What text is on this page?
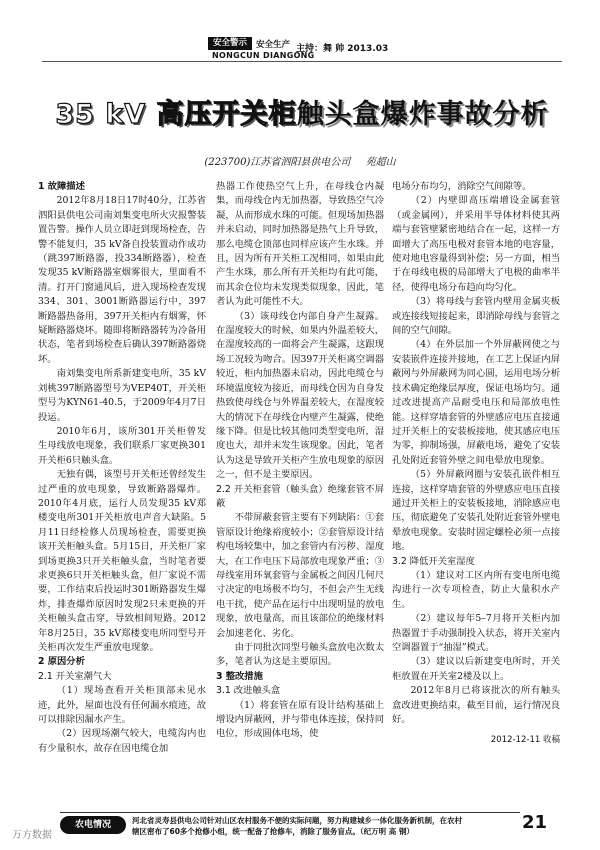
安全警示	安全生产
NONGCUN DIANGONG
主持：舞 帅 2013.03
35 kV 高压开关柜触头盒爆炸事故分析
(223700)江苏省泗阳县供电公司 苑超山

1 故障描述

2012年8月18日17时40分，江苏省泗阳县供电公司南刘集变电所火灾报警装置告警。操作人员立即赶到现场检查，告警不能复归，35 kV备自投装置动作成功（跳397断路器，投334断路器），检查发现35 kV断路器室烟雾很大，里面看不清。打开门窗通风后，进入现场检查发现334、301、3001断路器运行中，397断路器热备用，397开关柜内有烟雾，怀疑断路器烧坏。随即将断路器转为冷备用状态，笔者到场检查后确认397断路器烧坏。

南刘集变电所系新建变电所，35 kV刘桃397断路器型号为VEP40T，开关柜型号为KYN61-40.5，于2009年4月7日投运。

2010年6月，该所301开关柜曾发生母线放电现象，我们联系厂家更换301开关柜6只触头盒。

无独有偶，该型号开关柜还曾经发生过严重的放电现象，导致断路器爆炸。2010年4月底，运行人员发现35 kV郑楼变电所301开关柜放电声音大缺陷。5月11日经检修人员现场检查，需要更换该开关柜触头盒。5月15日，开关柜厂家到场更换3只开关柜触头盒，当时笔者要求更换6只开关柜触头盒，但厂家说不需要，工作结束后投运时301断路器发生爆炸，排查爆炸原因时发现2只未更换的开关柜触头盒击穿，导致相间短路。2012年8月25日，35 kV郑楼变电所同型号开关柜再次发生严重放电现象。

2 原因分析

2.1 开关室潮气大

（1）现场查看开关柜顶部未见水迹，此外，屋面也没有任何漏水痕迹，故可以排除因漏水产生。

（2）因现场潮气较大，电缆沟内也有少量积水，故存在因电缆仓加

热器工作使热空气上升，在母线仓内凝集，而母线仓内无加热器，导致热空气冷凝，从而形成水珠的可能。但现场加热器并未启动，同时加热器是热气上升导致，那么电缆仓顶部也同样应该产生水珠。并且，因为所有开关柜工况相同，如果由此产生水珠，那么所有开关柜均有此可能，而其余仓位均未发现类似现象，因此，笔者认为此可能性不大。

（3）该母线仓内部自身产生凝露。在湿度较大的时候，如果内外温差较大，在湿度较高的一面将会产生凝露，这跟现场工况较为吻合。因397开关柜离空调器较近，柜内加热器未启动，因此电缆仓与环境温度较为接近，而母线仓因为自身发热致使母线仓与外界温差较大，在湿度较大的情况下在母线仓内壁产生凝露，使绝缘下降。但是比较其他同类型变电所，湿度也大，却并未发生该现象。因此，笔者认为这是导致开关柜产生放电现象的原因之一，但不是主要原因。

2.2 开关柜套管（触头盒）绝缘套管不屏蔽

不带屏蔽套管主要有下列缺陷：①套管原设计绝缘裕度较小；②套管原设计结构电场较集中，加之套管内有污秽、湿度大，在工作电压下局部放电现象严重；③母线室用环氧套管与金属板之间因几何尺寸决定的电场极不均匀，不但会产生无线电干扰，使产品在运行中出现明显的放电现象，放电量高，而且该部位的绝缘材料会加速老化、劣化。

由于同批次同型号触头盒放电次数太多，笔者认为这是主要原因。

3 整改措施

3.1 改进触头盒

（1）将套管在原有设计结构基础上增设内屏蔽网，并与带电体连接，保持同电位，形成圆体电场，使

电场分布均匀，消除空气间隙等。

（2）内壁即高压端增设金属套管（或金属网），并采用半导体材料使其两端与套管壁紧密地结合在一起，这样一方面增大了高压电极对套管本地的电容量，使对地电容量得到补偿；另一方面，相当于在母线电极的局部增大了电极的曲率半径，使得电场分布趋向均匀化。

（3）将母线与套管内壁用金属夹板或连接线短接起来，即消除母线与套管之间的空气间隙。

（4）在外层加一个外屏蔽网使之与安装嵌件连接并接地，在工艺上保证内屏蔽网与外屏蔽网为同心圆，运用电场分析技术确定绝缘层厚度，保证电场均匀。通过改进提高产品耐受电压和局部放电性能。这样穿墙套管的外壁感应电压直接通过开关柜上的安装板接地，使其感应电压为零，抑制场强，屏蔽电场，避免了安装孔处附近套管外壁之间电晕放电现象。

（5）外屏蔽网圈与安装孔嵌件相互连接，这样穿墙套管的外壁感应电压直接通过开关柜上的安装板接地，消除感应电压，彻底避免了安装孔处附近套管外壁电晕放电现象。安装时固定螺栓必须一点接地。

3.2 降低开关室湿度

（1）建议对工区内所有变电所电缆沟进行一次专项检查，防止大量积水产生。

（2）建议每年5–7月将开关柜内加热器置于手动强制投入状态，将开关室内空调器置于“抽湿”模式。

（3）建议以后新建变电所时，开关柜放置在开关室2楼及以上。

2012年8月已将该批次的所有触头盒改进更换结束，截至目前，运行情况良好。

2012-12-11 收稿
农电情况	河北省灵寿县供电公司针对山区农村服务不便的实际问题，努力构建城乡一体化服务新机制，在农村
辖区密布了60多个抢修小组，统一配备了抢修车，消除了服务盲点。（纪万明 高 钢）	21
万方数据
